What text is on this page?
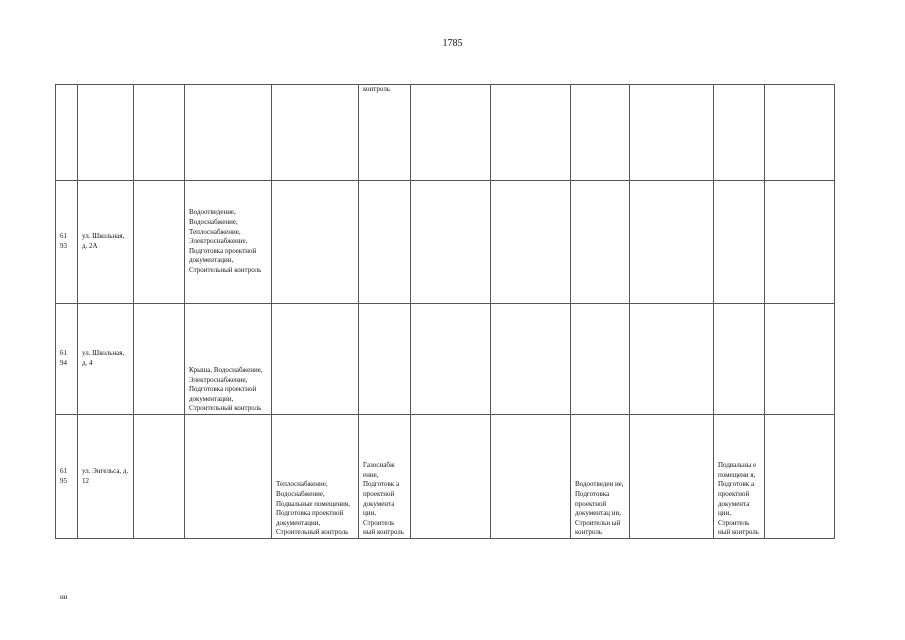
1785
					контроль						
61 93	ул. Школьная, д. 2А		Водоотведение, Водоснабжение, Теплоснабжение, Электроснабжение, Подготовка проектной документации, Строительный контроль								
61 94	ул. Школьная, д. 4		Крыша, Водоснабжение, Электроснабжение, Подготовка проектной документации, Строительный контроль								
61 95	ул. Энгельса, д. 12			Теплоснабжение, Водоснабжение, Подвальные помещения, Подготовка проектной документации, Строительный контроль	Газоснабж ение, Подготовк а проектной документа ции, Строитель ный контроль			Водоотведен ие, Подготовка проектной документац ии, Строительн ый контроль		Подвальны е помещени я, Подготовк а проектной документа ции, Строитель ный контроль	
нн
